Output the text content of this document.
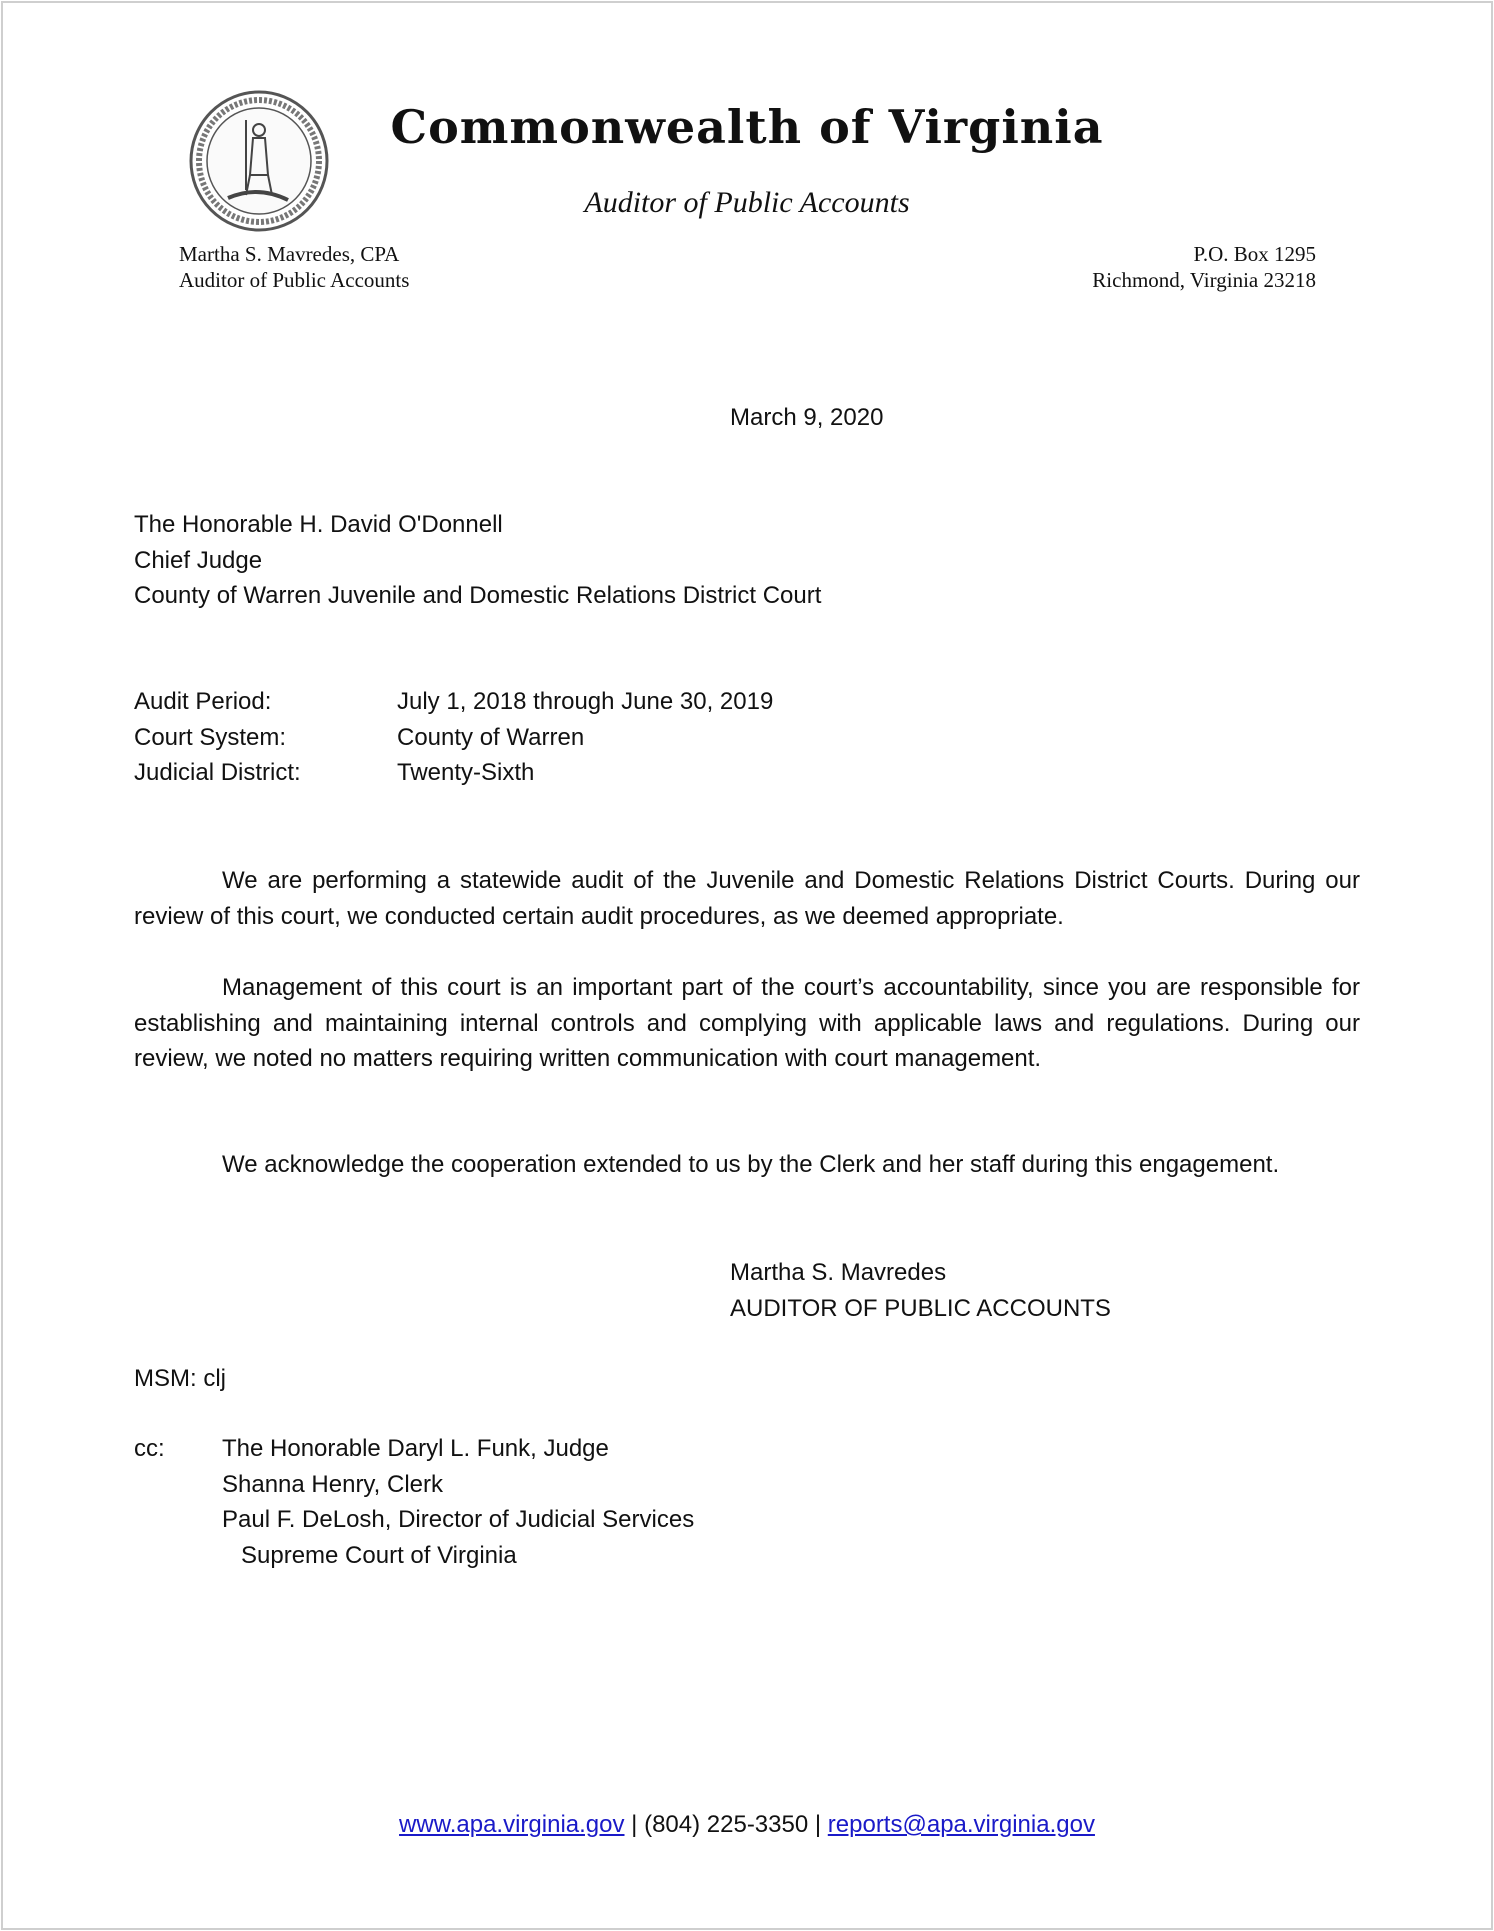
Commonwealth of Virginia
Auditor of Public Accounts
Martha S. Mavredes, CPA
Auditor of Public Accounts
P.O. Box 1295
Richmond, Virginia 23218
March 9, 2020
The Honorable H. David O'Donnell
Chief Judge
County of Warren Juvenile and Domestic Relations District Court
Audit Period:	July 1, 2018 through June 30, 2019
Court System:	County of Warren
Judicial District:	Twenty-Sixth
We are performing a statewide audit of the Juvenile and Domestic Relations District Courts. During our review of this court, we conducted certain audit procedures, as we deemed appropriate.
Management of this court is an important part of the court’s accountability, since you are responsible for establishing and maintaining internal controls and complying with applicable laws and regulations. During our review, we noted no matters requiring written communication with court management.
We acknowledge the cooperation extended to us by the Clerk and her staff during this engagement.
Martha S. Mavredes
AUDITOR OF PUBLIC ACCOUNTS
MSM: clj
cc: The Honorable Daryl L. Funk, Judge
Shanna Henry, Clerk
Paul F. DeLosh, Director of Judicial Services
Supreme Court of Virginia
www.apa.virginia.gov | (804) 225-3350 | reports@apa.virginia.gov
